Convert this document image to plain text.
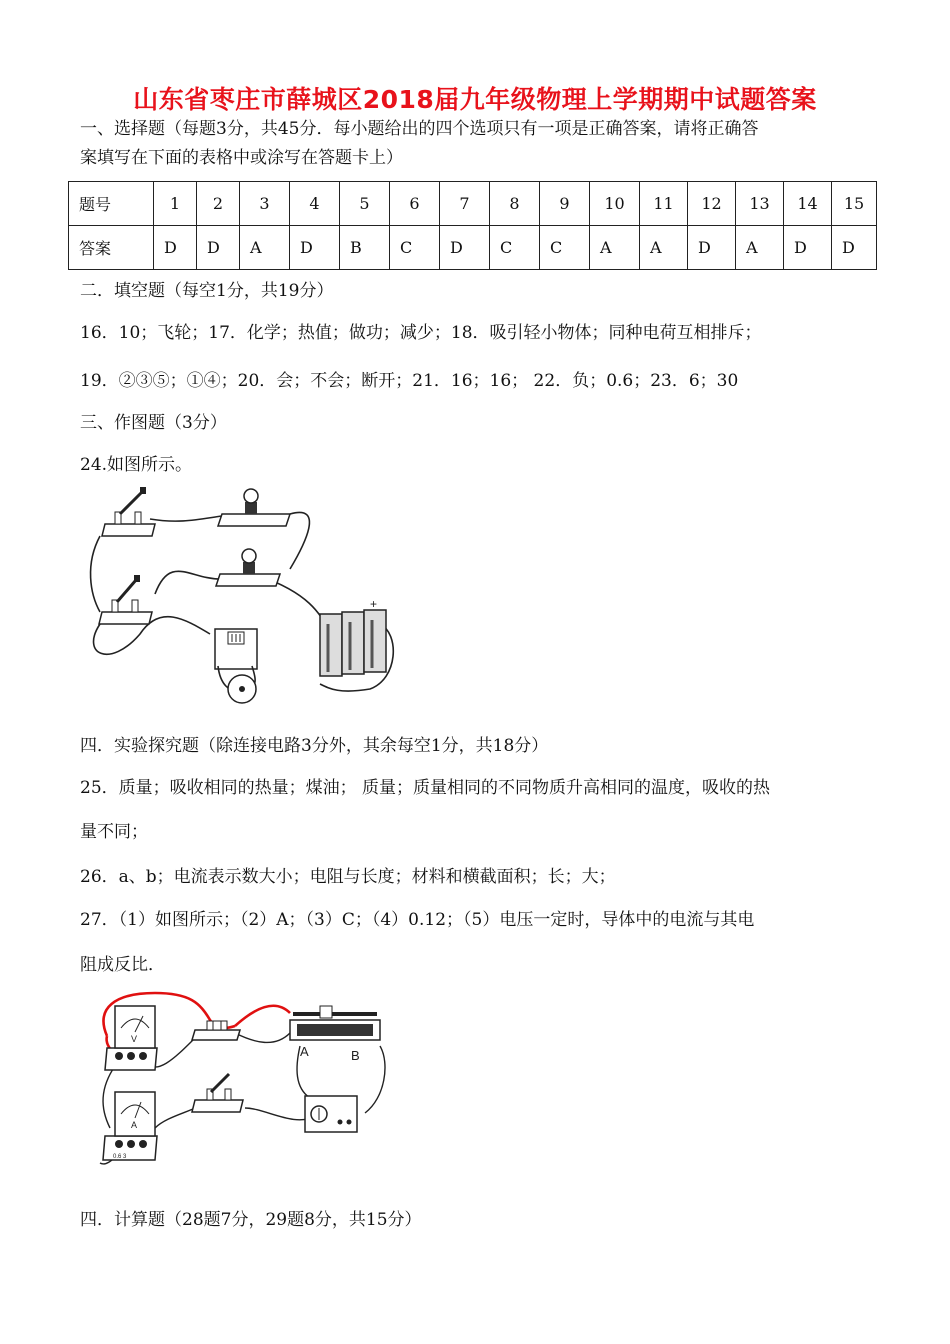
山东省枣庄市薛城区2018届九年级物理上学期期中试题答案
一、选择题（每题3分，共45分．每小题给出的四个选项只有一项是正确答案，请将正确答
案填写在下面的表格中或涂写在答题卡上）
题号	1	2	3	4	5	6	7	8	9	10	11	12	13	14	15
答案	D	D	A	D	B	C	D	C	C	A	A	D	A	D	D
二．填空题（每空1分，共19分）
16．10；飞轮；17．化学；热值；做功；减少；18．吸引轻小物体；同种电荷互相排斥；
19．②③⑤；①④；20．会；不会；断开；21．16；16； 22．负；0.6；23．6；30
三、作图题（3分）
24.如图所示。
+
四．实验探究题（除连接电路3分外，其余每空1分，共18分）
25．质量；吸收相同的热量；煤油； 质量；质量相同的不同物质升高相同的温度，吸收的热
量不同；
26．a、b；电流表示数大小；电阻与长度；材料和横截面积；长；大；
27．（1）如图所示；（2）A；（3）C；（4）0.12；（5）电压一定时，导体中的电流与其电
阻成反比．
V
A	B
A
0.6 3
四．计算题（28题7分，29题8分，共15分）
